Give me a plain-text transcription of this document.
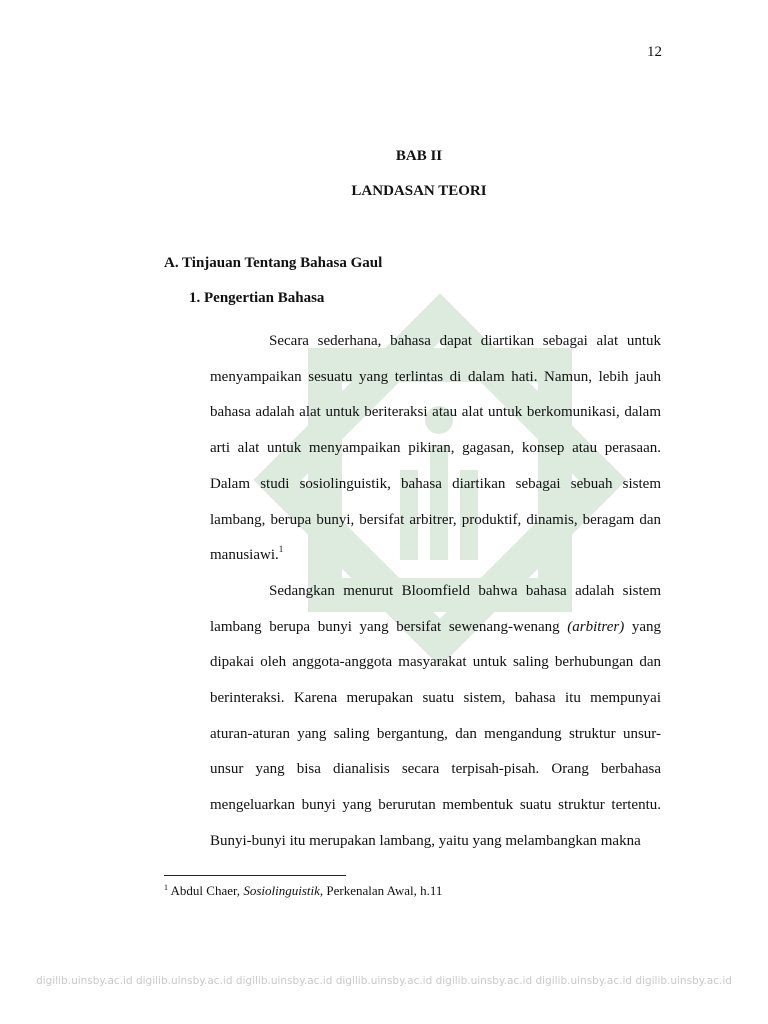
12
BAB II
LANDASAN TEORI
A. Tinjauan Tentang Bahasa Gaul
1. Pengertian Bahasa

Secara sederhana, bahasa dapat diartikan sebagai alat untuk menyampaikan sesuatu yang terlintas di dalam hati. Namun, lebih jauh bahasa adalah alat untuk beriteraksi atau alat untuk berkomunikasi, dalam arti alat untuk menyampaikan pikiran, gagasan, konsep atau perasaan. Dalam studi sosiolinguistik, bahasa diartikan sebagai sebuah sistem lambang, berupa bunyi, bersifat arbitrer, produktif, dinamis, beragam dan manusiawi.$^1$

Sedangkan menurut Bloomfield bahwa bahasa adalah sistem lambang berupa bunyi yang bersifat sewenang-wenang (arbitrer) yang dipakai oleh anggota-anggota masyarakat untuk saling berhubungan dan berinteraksi. Karena merupakan suatu sistem, bahasa itu mempunyai aturan-aturan yang saling bergantung, dan mengandung struktur unsur-unsur yang bisa dianalisis secara terpisah-pisah. Orang berbahasa mengeluarkan bunyi yang berurutan membentuk suatu struktur tertentu. Bunyi-bunyi itu merupakan lambang, yaitu yang melambangkan makna

$^1$ Abdul Chaer, Sosiolinguistik, Perkenalan Awal, h.11
digilib.uinsby.ac.id digilib.uinsby.ac.id digilib.uinsby.ac.id digilib.uinsby.ac.id digilib.uinsby.ac.id digilib.uinsby.ac.id digilib.uinsby.ac.id
